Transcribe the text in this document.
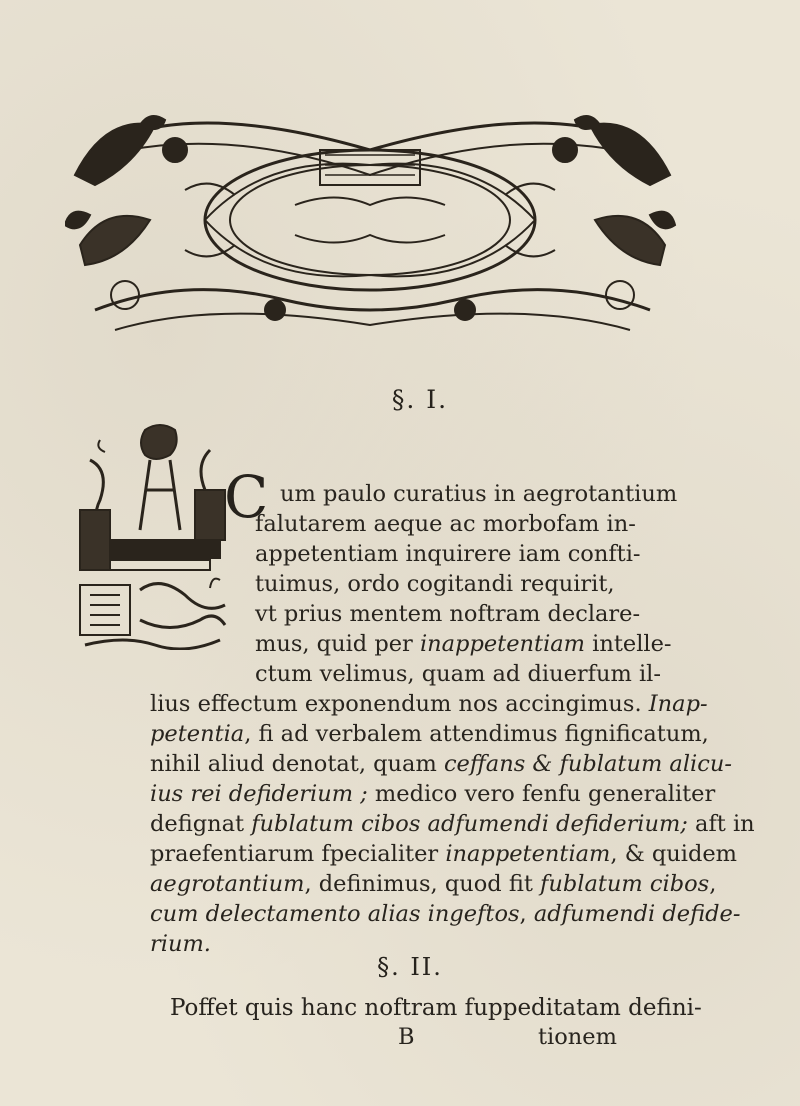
§. I.
C um paulo curatius in aegrotantium
falutarem aeque ac morbofam in-
appetentiam inquirere iam confti-
tuimus, ordo cogitandi requirit,
vt prius mentem noftram declare-
mus, quid per inappetentiam intelle-
ctum velimus, quam ad diuerfum il-
lius effectum exponendum nos accingimus. Inap-
petentia, fi ad verbalem attendimus fignificatum,
nihil aliud denotat, quam ceffans & fublatum alicu-
ius rei defiderium ; medico vero fenfu generaliter
defignat fublatum cibos adfumendi defiderium; aft in
praefentiarum fpecialiter inappetentiam, & quidem
aegrotantium, definimus, quod fit fublatum cibos,
cum delectamento alias ingeftos, adfumendi defide-
rium.
§. II.
Poffet quis hanc noftram fuppeditatam defini-
B	tionem
